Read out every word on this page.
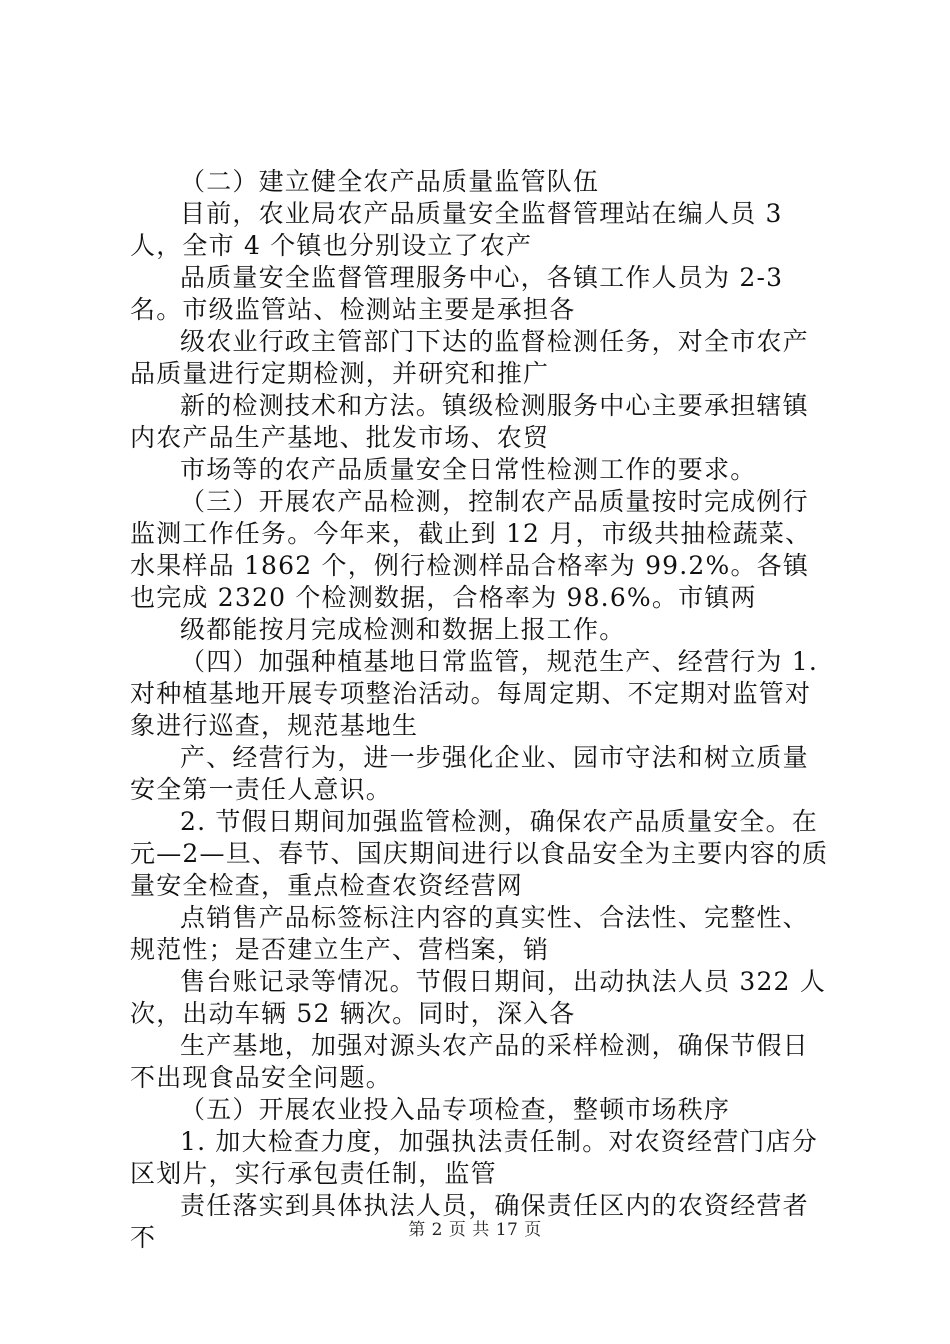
（二）建立健全农产品质量监管队伍

目前，农业局农产品质量安全监督管理站在编人员 3 人，全市 4 个镇也分别设立了农产

品质量安全监督管理服务中心，各镇工作人员为 2-3 名。市级监管站、检测站主要是承担各

级农业行政主管部门下达的监督检测任务，对全市农产品质量进行定期检测，并研究和推广

新的检测技术和方法。镇级检测服务中心主要承担辖镇内农产品生产基地、批发市场、农贸

市场等的农产品质量安全日常性检测工作的要求。

（三）开展农产品检测，控制农产品质量按时完成例行监测工作任务。今年来，截止到 12 月，市级共抽检蔬菜、水果样品 1862 个，例行检测样品合格率为 99.2%。各镇也完成 2320 个检测数据，合格率为 98.6%。市镇两

级都能按月完成检测和数据上报工作。

（四）加强种植基地日常监管，规范生产、经营行为 1. 对种植基地开展专项整治活动。每周定期、不定期对监管对象进行巡查，规范基地生

产、经营行为，进一步强化企业、园市守法和树立质量安全第一责任人意识。

2. 节假日期间加强监管检测，确保农产品质量安全。在元—2—旦、春节、国庆期间进行以食品安全为主要内容的质量安全检查，重点检查农资经营网

点销售产品标签标注内容的真实性、合法性、完整性、规范性；是否建立生产、营档案，销

售台账记录等情况。节假日期间，出动执法人员 322 人次，出动车辆 52 辆次。同时，深入各

生产基地，加强对源头农产品的采样检测，确保节假日不出现食品安全问题。

（五）开展农业投入品专项检查，整顿市场秩序

1. 加大检查力度，加强执法责任制。对农资经营门店分区划片，实行承包责任制，监管

责任落实到具体执法人员，确保责任区内的农资经营者不	第 2 页 共 17 页
